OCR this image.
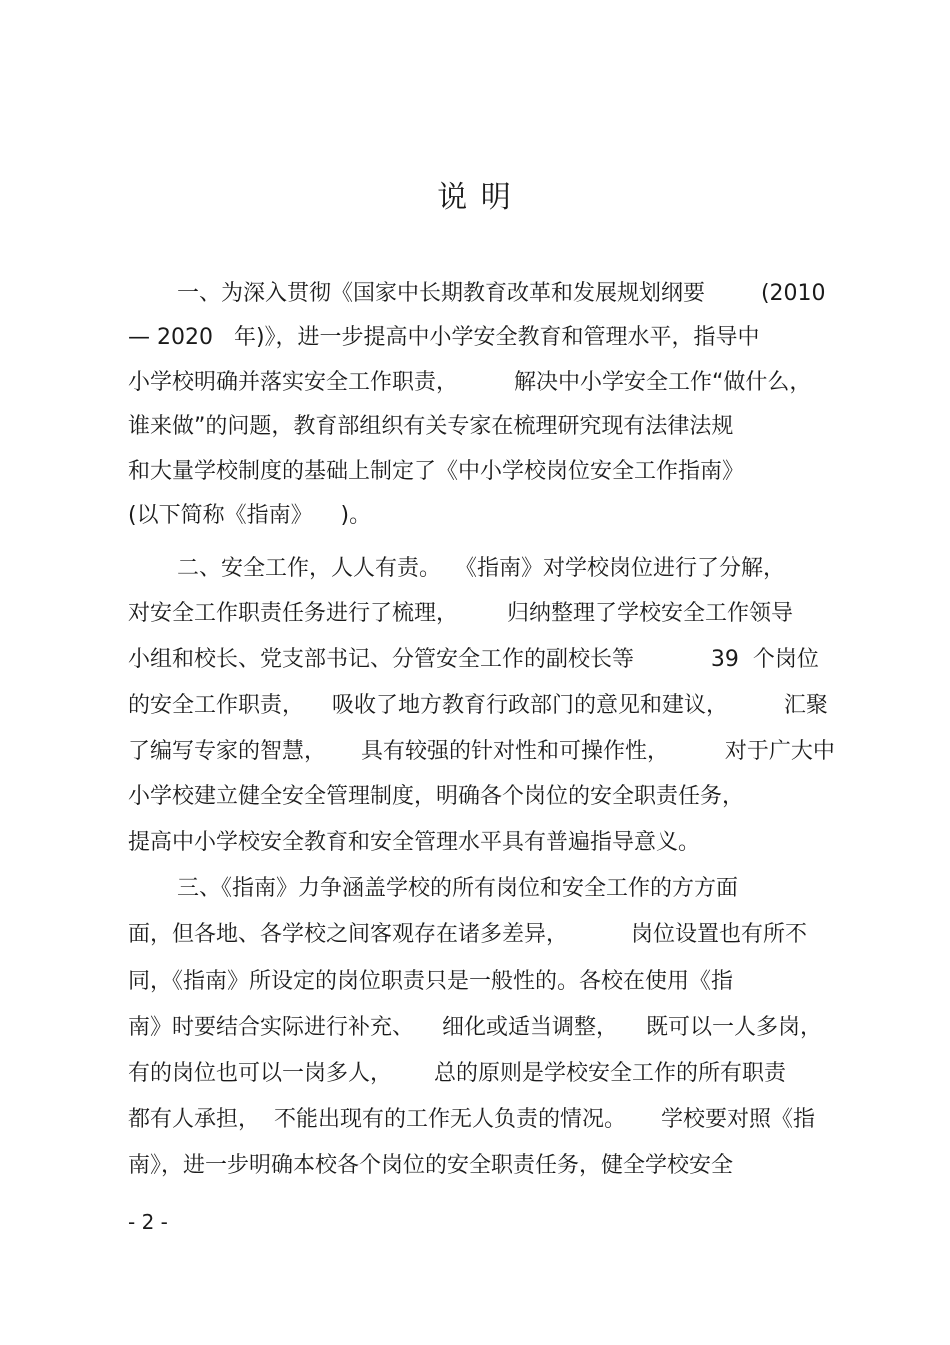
说 明
一、为深入贯彻《国家中长期教育改革和发展规划纲要        (2010
— 2020   年)》，进一步提高中小学安全教育和管理水平，指导中
小学校明确并落实安全工作职责，        解决中小学安全工作“做什么，
谁来做”的问题，教育部组织有关专家在梳理研究现有法律法规
和大量学校制度的基础上制定了《中小学校岗位安全工作指南》
(以下简称《指南》    )。
二、安全工作，人人有责。  《指南》对学校岗位进行了分解，
对安全工作职责任务进行了梳理，       归纳整理了学校安全工作领导
小组和校长、党支部书记、分管安全工作的副校长等           39  个岗位
的安全工作职责，    吸收了地方教育行政部门的意见和建议，        汇聚
了编写专家的智慧，     具有较强的针对性和可操作性，        对于广大中
小学校建立健全安全管理制度，明确各个岗位的安全职责任务，
提高中小学校安全教育和安全管理水平具有普遍指导意义。
三、《指南》力争涵盖学校的所有岗位和安全工作的方方面
面，但各地、各学校之间客观存在诸多差异，         岗位设置也有所不
同，《指南》所设定的岗位职责只是一般性的。各校在使用《指
南》时要结合实际进行补充、    细化或适当调整，    既可以一人多岗，
有的岗位也可以一岗多人，      总的原则是学校安全工作的所有职责
都有人承担，  不能出现有的工作无人负责的情况。     学校要对照《指
南》，进一步明确本校各个岗位的安全职责任务，健全学校安全
- 2 -
